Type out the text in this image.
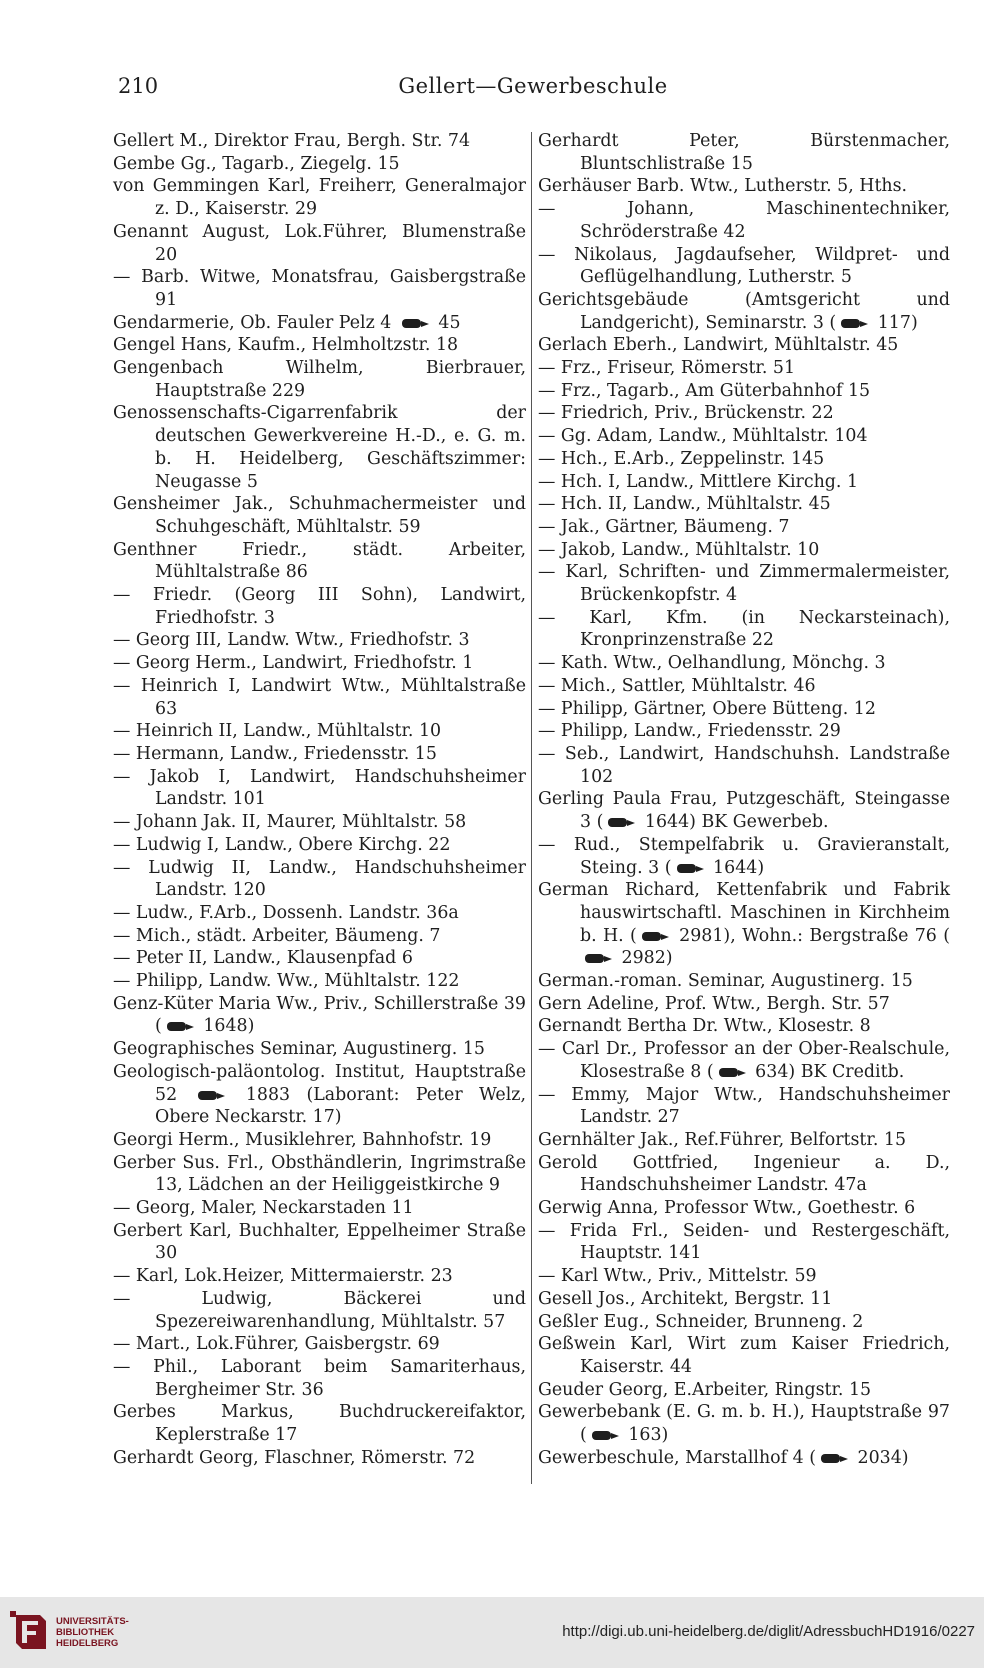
210	Gellert—Gewerbeschule

Gellert M., Direktor Frau, Bergh. Str. 74

Gembe Gg., Tagarb., Ziegelg. 15

von Gemmingen Karl, Freiherr, Generalmajor z. D., Kaiserstr. 29

Genannt August, Lok.Führer, Blumenstraße 20

— Barb. Witwe, Monatsfrau, Gaisbergstraße 91

Gendarmerie, Ob. Fauler Pelz 4  45

Gengel Hans, Kaufm., Helmholtzstr. 18

Gengenbach Wilhelm, Bierbrauer, Hauptstraße 229

Genossenschafts-Cigarrenfabrik der deutschen Gewerkvereine H.-D., e. G. m. b. H. Heidelberg, Geschäftszimmer: Neugasse 5

Gensheimer Jak., Schuhmachermeister und Schuhgeschäft, Mühltalstr. 59

Genthner Friedr., städt. Arbeiter, Mühltalstraße 86

— Friedr. (Georg III Sohn), Landwirt, Friedhofstr. 3

— Georg III, Landw. Wtw., Friedhofstr. 3

— Georg Herm., Landwirt, Friedhofstr. 1

— Heinrich I, Landwirt Wtw., Mühltalstraße 63

— Heinrich II, Landw., Mühltalstr. 10

— Hermann, Landw., Friedensstr. 15

— Jakob I, Landwirt, Handschuhsheimer Landstr. 101

— Johann Jak. II, Maurer, Mühltalstr. 58

— Ludwig I, Landw., Obere Kirchg. 22

— Ludwig II, Landw., Handschuhsheimer Landstr. 120

— Ludw., F.Arb., Dossenh. Landstr. 36a

— Mich., städt. Arbeiter, Bäumeng. 7

— Peter II, Landw., Klausenpfad 6

— Philipp, Landw. Ww., Mühltalstr. 122

Genz-Küter Maria Ww., Priv., Schillerstraße 39 ( 1648)

Geographisches Seminar, Augustinerg. 15

Geologisch-paläontolog. Institut, Hauptstraße 52  1883 (Laborant: Peter Welz, Obere Neckarstr. 17)

Georgi Herm., Musiklehrer, Bahnhofstr. 19

Gerber Sus. Frl., Obsthändlerin, Ingrimstraße 13, Lädchen an der Heiliggeistkirche 9

— Georg, Maler, Neckarstaden 11

Gerbert Karl, Buchhalter, Eppelheimer Straße 30

— Karl, Lok.Heizer, Mittermaierstr. 23

— Ludwig, Bäckerei und Spezereiwarenhandlung, Mühltalstr. 57

— Mart., Lok.Führer, Gaisbergstr. 69

— Phil., Laborant beim Samariterhaus, Bergheimer Str. 36

Gerbes Markus, Buchdruckereifaktor, Keplerstraße 17

Gerhardt Georg, Flaschner, Römerstr. 72

Gerhardt Peter, Bürstenmacher, Bluntschlistraße 15

Gerhäuser Barb. Wtw., Lutherstr. 5, Hths.

— Johann, Maschinentechniker, Schröderstraße 42

— Nikolaus, Jagdaufseher, Wildpret- und Geflügelhandlung, Lutherstr. 5

Gerichtsgebäude (Amtsgericht und Landgericht), Seminarstr. 3 ( 117)

Gerlach Eberh., Landwirt, Mühltalstr. 45

— Frz., Friseur, Römerstr. 51

— Frz., Tagarb., Am Güterbahnhof 15

— Friedrich, Priv., Brückenstr. 22

— Gg. Adam, Landw., Mühltalstr. 104

— Hch., E.Arb., Zeppelinstr. 145

— Hch. I, Landw., Mittlere Kirchg. 1

— Hch. II, Landw., Mühltalstr. 45

— Jak., Gärtner, Bäumeng. 7

— Jakob, Landw., Mühltalstr. 10

— Karl, Schriften- und Zimmermalermeister, Brückenkopfstr. 4

— Karl, Kfm. (in Neckarsteinach), Kronprinzenstraße 22

— Kath. Wtw., Oelhandlung, Mönchg. 3

— Mich., Sattler, Mühltalstr. 46

— Philipp, Gärtner, Obere Bütteng. 12

— Philipp, Landw., Friedensstr. 29

— Seb., Landwirt, Handschuhsh. Landstraße 102

Gerling Paula Frau, Putzgeschäft, Steingasse 3 ( 1644) BK Gewerbeb.

— Rud., Stempelfabrik u. Gravieranstalt, Steing. 3 ( 1644)

German Richard, Kettenfabrik und Fabrik hauswirtschaftl. Maschinen in Kirchheim b. H. ( 2981), Wohn.: Bergstraße 76 ( 2982)

German.-roman. Seminar, Augustinerg. 15

Gern Adeline, Prof. Wtw., Bergh. Str. 57

Gernandt Bertha Dr. Wtw., Klosestr. 8

— Carl Dr., Professor an der Ober-Realschule, Klosestraße 8 ( 634) BK Creditb.

— Emmy, Major Wtw., Handschuhsheimer Landstr. 27

Gernhälter Jak., Ref.Führer, Belfortstr. 15

Gerold Gottfried, Ingenieur a. D., Handschuhsheimer Landstr. 47a

Gerwig Anna, Professor Wtw., Goethestr. 6

— Frida Frl., Seiden- und Restergeschäft, Hauptstr. 141

— Karl Wtw., Priv., Mittelstr. 59

Gesell Jos., Architekt, Bergstr. 11

Geßler Eug., Schneider, Brunneng. 2

Geßwein Karl, Wirt zum Kaiser Friedrich, Kaiserstr. 44

Geuder Georg, E.Arbeiter, Ringstr. 15

Gewerbebank (E. G. m. b. H.), Hauptstraße 97 ( 163)

Gewerbeschule, Marstallhof 4 ( 2034)

UNIVERSITÄTS-
BIBLIOTHEK
HEIDELBERG
http://digi.ub.uni-heidelberg.de/diglit/AdressbuchHD1916/0227
